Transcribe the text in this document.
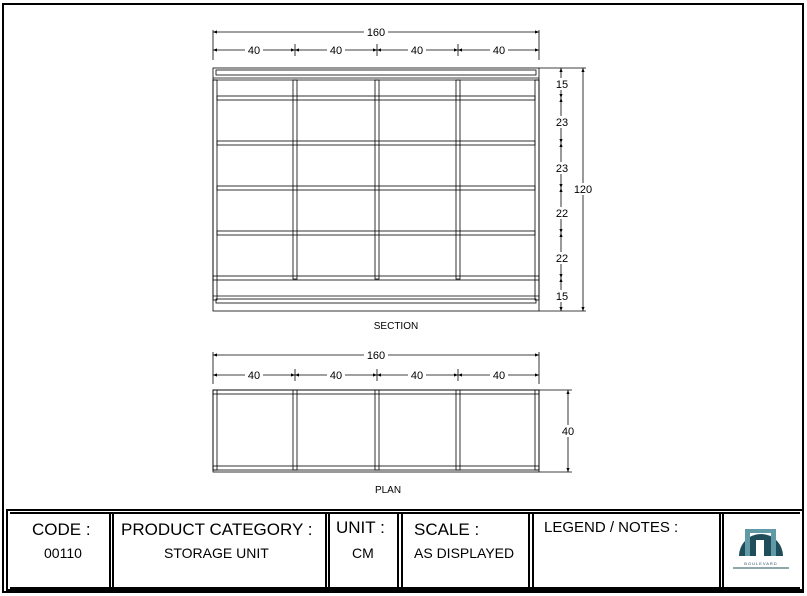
160
40	40	40	40
15
23
23
22
22
15
120
SECTION
160
40	40	40	40
40
PLAN
BOULEVARD
CODE :
00110
PRODUCT CATEGORY :
STORAGE UNIT
UNIT :
CM
SCALE :
AS DISPLAYED
LEGEND / NOTES :
